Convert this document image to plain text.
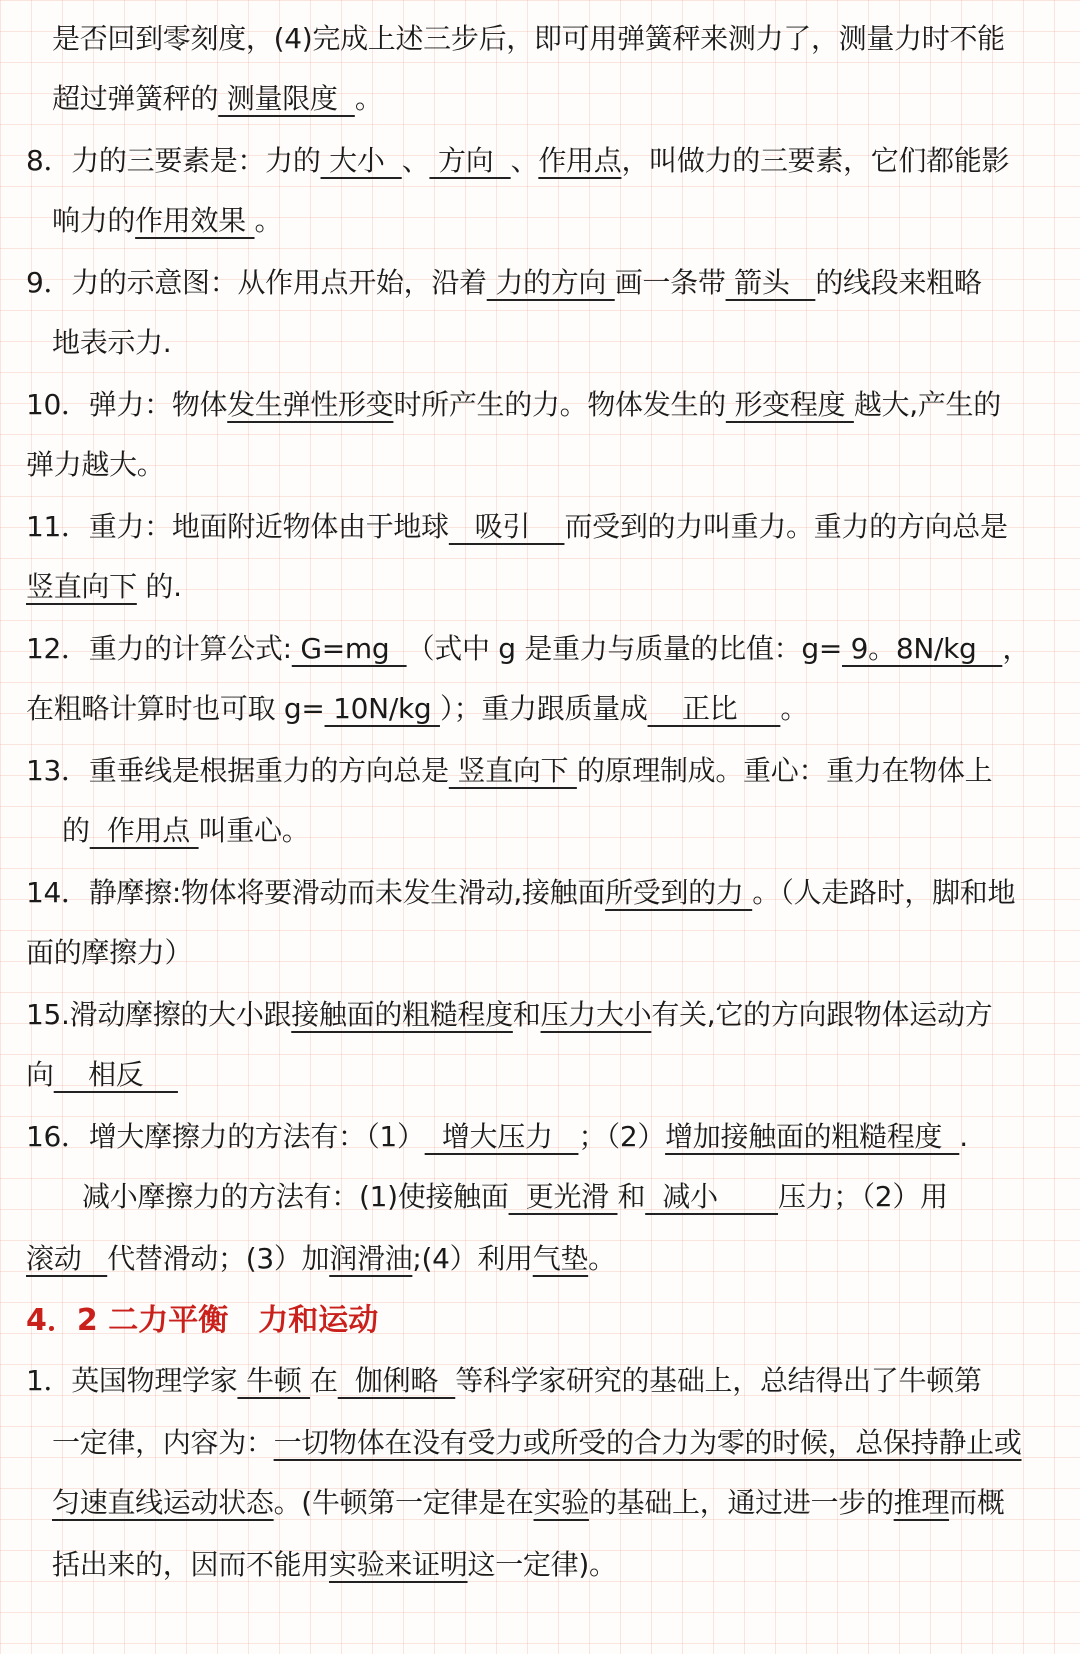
是否回到零刻度，(4)完成上述三步后，即可用弹簧秤来测力了，测量力时不能
超过弹簧秤的 测量限度  。
8．力的三要素是：力的 大小  、 方向  、作用点，叫做力的三要素，它们都能影
响力的作用效果 。
9．力的示意图：从作用点开始，沿着 力的方向 画一条带 箭头   的线段来粗略
地表示力.
10．弹力：物体发生弹性形变时所产生的力。物体发生的 形变程度 越大,产生的
弹力越大。
11．重力：地面附近物体由于地球   吸引    而受到的力叫重力。重力的方向总是
竖直向下 的.
12．重力的计算公式: G=mg  （式中 g 是重力与质量的比值：g= 9。8N/kg   ，
在粗略计算时也可取 g= 10N/kg ）；重力跟质量成    正比     。
13．重垂线是根据重力的方向总是 竖直向下 的原理制成。重心：重力在物体上
的  作用点 叫重心。
14．静摩擦:物体将要滑动而未发生滑动,接触面所受到的力 。（人走路时，脚和地
面的摩擦力）
15.滑动摩擦的大小跟接触面的粗糙程度和压力大小有关,它的方向跟物体运动方
向    相反
16．增大摩擦力的方法有：（1）  增大压力   ；（2）增加接触面的粗糙程度  .
减小摩擦力的方法有：(1)使接触面  更光滑 和  减小       压力；（2）用
滚动   代替滑动；(3）加润滑油;(4）利用气垫。
4．2 二力平衡　力和运动
1．英国物理学家 牛顿 在  伽俐略  等科学家研究的基础上，总结得出了牛顿第
一定律，内容为：一切物体在没有受力或所受的合力为零的时候，总保持静止或
匀速直线运动状态。(牛顿第一定律是在实验的基础上，通过进一步的推理而概
括出来的，因而不能用实验来证明这一定律)。
